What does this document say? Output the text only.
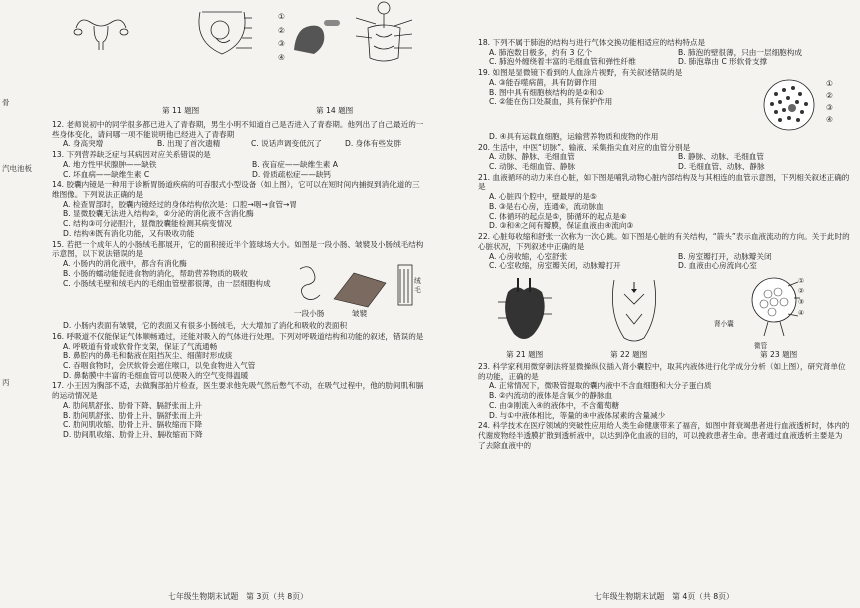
骨
汽电池板
丙
①
②
③
④
第 11 题图	第 14 题图
12. 老师说初中的同学很多都已进入了青春期，男生小明不知道自己是否进入了青春期。他列出了自己最近的一些身体变化，请问哪一项不能说明他已经进入了青春期
A. 身高突增	B. 出现了首次遗精	C. 说话声调变低沉了	D. 身体有些发胖
13. 下列营养缺乏症与其病因对应关系错误的是
A. 地方性甲状腺肿——缺铁	B. 夜盲症——缺维生素 A
C. 坏血病——缺维生素 C	D. 骨质疏松症——缺钙
14. 胶囊内镜是一种用于诊断胃肠道疾病的可吞服式小型设备（如上图），它可以在短时间内捕捉到消化道的三维图像。下列说法正确的是
A. 检查胃部时，胶囊内镜经过的身体结构依次是：口腔→咽→食管→胃
B. 显微胶囊无法进入结构②，②分泌的消化液不含消化酶
C. 结构③可分泌胆汁，显微胶囊能检测其病变情况
D. 结构④既有消化功能，又有吸收功能
15. 若把一个成年人的小肠绒毛都展开，它的面积接近半个篮球场大小。如图是一段小肠、皱襞及小肠绒毛结构示意图，以下说法错误的是
一段小肠	皱襞
绒毛
A. 小肠内的消化液中，都含有消化酶
B. 小肠的蠕动能促进食物的消化，帮助营养物质的吸收
C. 小肠绒毛壁和绒毛内的毛细血管壁都很薄，由一层细胞构成
D. 小肠内表面有皱襞，它的表面又有很多小肠绒毛，大大增加了消化和吸收的表面积
16. 呼吸道不仅能保证气体顺畅通过，还能对吸入的气体进行处理。下列对呼吸道结构和功能的叙述，错误的是
A. 呼吸道有骨或软骨作支架，保证了气流通畅
B. 鼻腔内的鼻毛和黏液在阻挡灰尘、细菌时形成痰
C. 吞咽食物时，会厌软骨会遮住喉口，以免食物进入气管
D. 鼻黏膜中丰富的毛细血管可以使吸入的空气变得温暖
17. 小王因为胸部不适，去做胸部拍片检查，医生要求他先吸气然后憋气不动，在吸气过程中，他的肋间肌和膈的运动情况是
A. 肋间肌舒张、肋骨下降、膈舒张而上升
B. 肋间肌舒张、肋骨上升、膈舒张而上升
C. 肋间肌收缩、肋骨上升、膈收缩而下降
D. 肋间肌收缩、肋骨上升、膈收缩而下降
七年级生物期末试题　第 3页（共 8页）
18. 下列不属于肺泡的结构与进行气体交换功能相适应的结构特点是
A. 肺泡数目极多，约有 3 亿个	B. 肺泡的壁很薄，只由一层细胞构成
C. 肺泡外缠绕着丰富的毛细血管和弹性纤维	D. 肺泡靠由 C 形软骨支撑
19. 如图是显微镜下看到的人血涂片视野，有关叙述错误的是
①
②
③
④
A. ③能吞噬病菌，具有防御作用
B. 图中具有细胞核结构的是②和①
C. ②能在伤口处凝血，具有保护作用
D. ④具有运载血细胞，运输营养物质和废物的作用
20. 生活中，中医“切脉”、输液、采集指尖血对应的血管分别是
A. 动脉、静脉、毛细血管	B. 静脉、动脉、毛细血管
C. 动脉、毛细血管、静脉	D. 毛细血管、动脉、静脉
21. 血液循环的动力来自心脏，如下图是哺乳动物心脏内部结构及与其相连的血管示意图，下列相关叙述正确的是
A. 心脏四个腔中，壁最厚的是⑤
B. ③是右心房，连通⑥，流动脉血
C. 体循环的起点是⑤，肺循环的起点是⑥
D. ③和④之间有瓣膜，保证血液由④流向③
22. 心脏每收缩和舒张一次称为一次心跳。如下图是心脏的有关结构，“箭头”表示血液流动的方向。关于此时的心脏状况，下列叙述中正确的是
A. 心房收缩，心室舒张	B. 房室瓣打开，动脉瓣关闭
C. 心室收缩，房室瓣关闭，动脉瓣打开	D. 血液由心房流向心室
肾小囊
微管
①
②
③
④
第 21 题图	第 22 题图	第 23 题图
23. 科学家利用微穿刺法将显微操纵仪插入肾小囊腔中，取其内液体进行化学成分分析（如上图），研究肾单位的功能，正确的是
A. 正常情况下，微吸管提取的囊内液中不含血细胞和大分子蛋白质
B. ②内流动的液体是含氧少的静脉血
C. 由③刚流入④的液体中，不含葡萄糖
D. 与①中液体相比，等量的④中液体尿素的含量减少
24. 科学技术在医疗领域的突破性应用给人类生命健康带来了福音，如图中肾衰竭患者进行血液透析时，体内的代谢废物经半透膜扩散到透析液中，以达到净化血液的目的，可以挽救患者生命。患者通过血液透析主要是为了去除血液中的
七年级生物期末试题　第 4页（共 8页）
